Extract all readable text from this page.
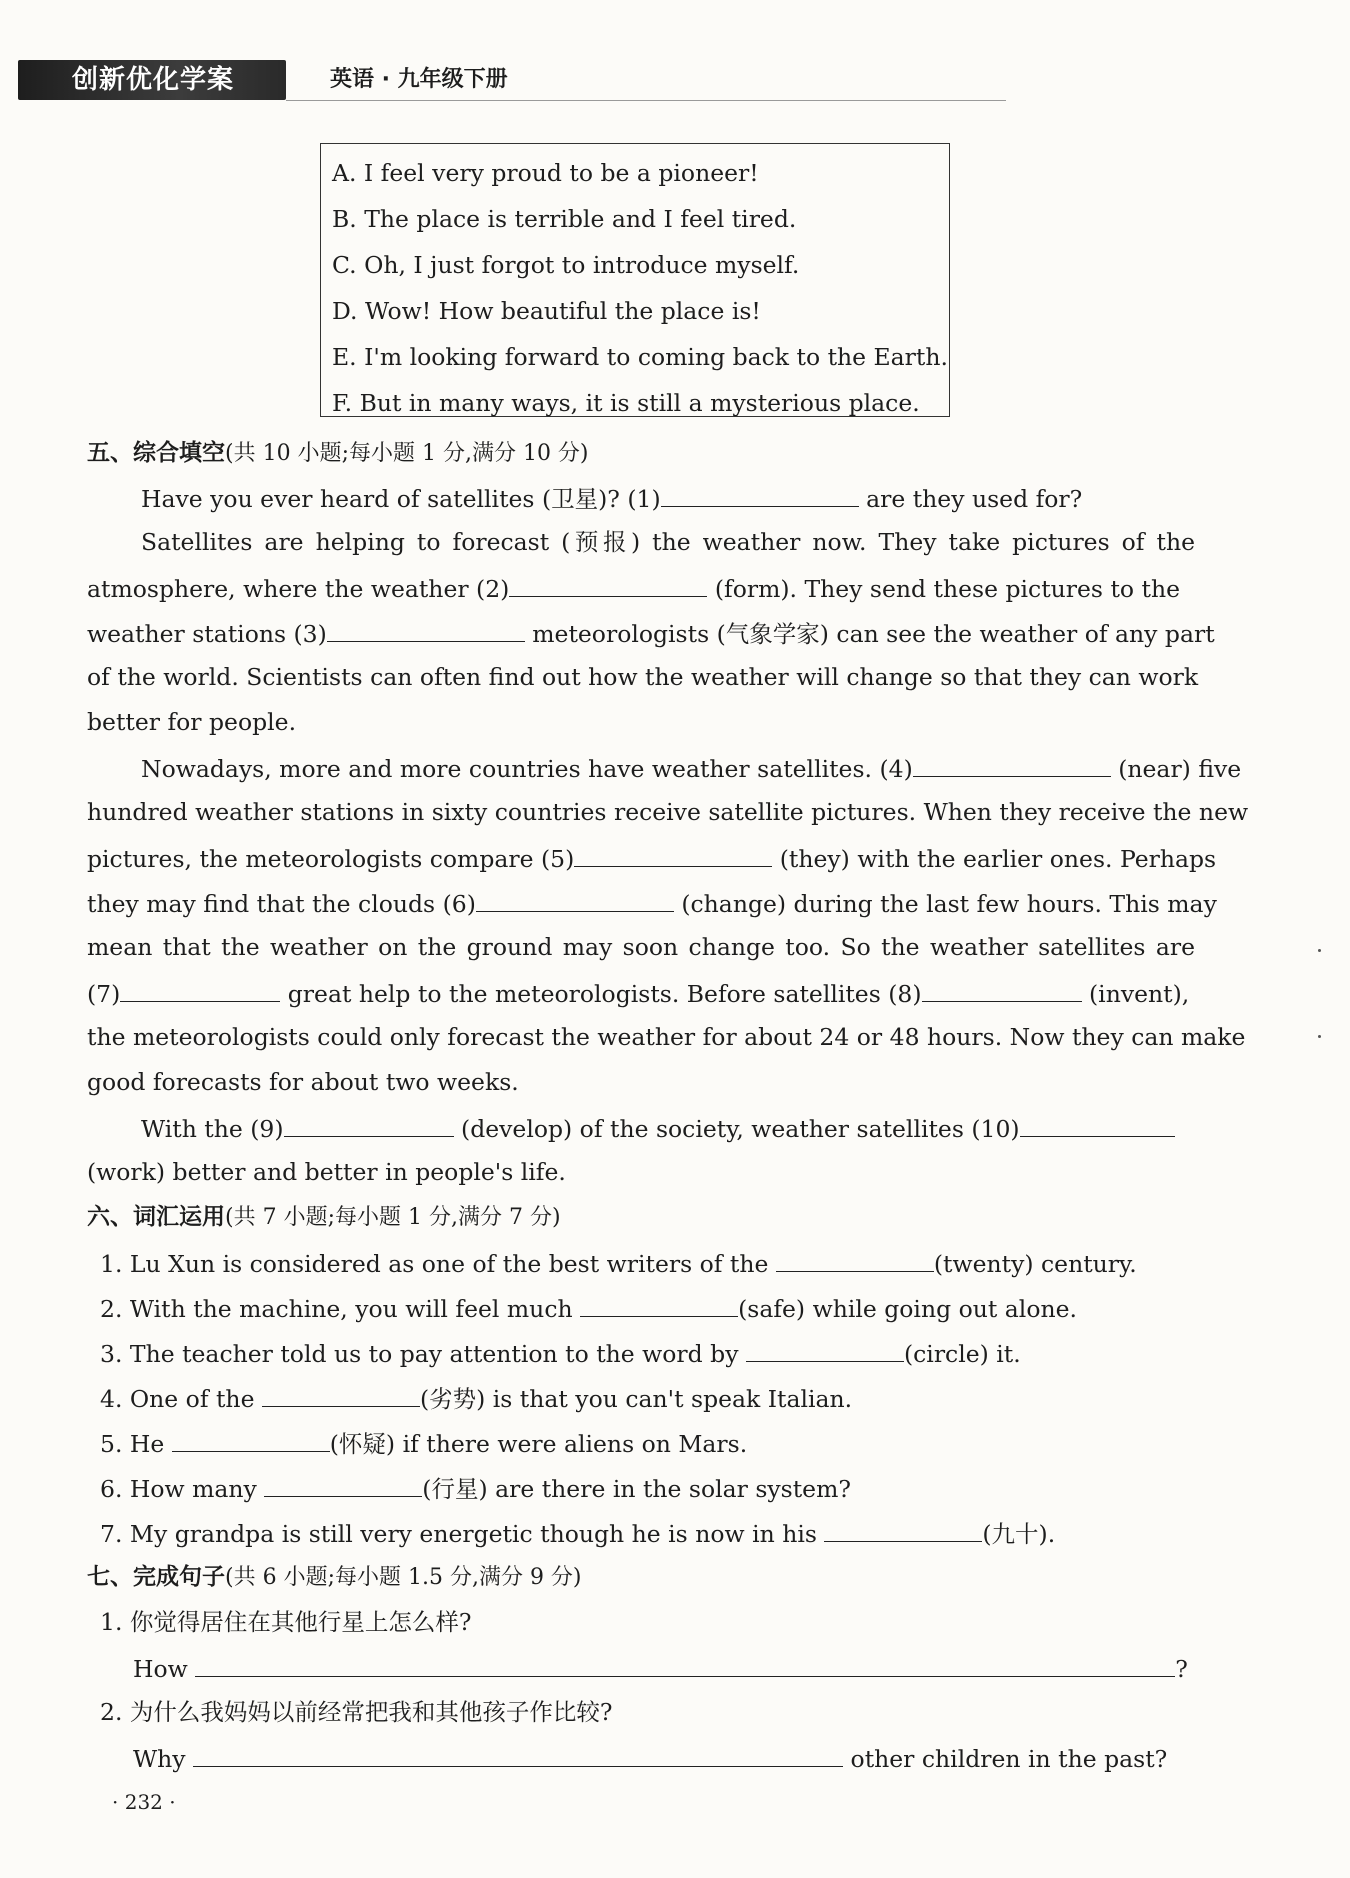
创新优化学案	英语 · 九年级下册
A. I feel very proud to be a pioneer!
B. The place is terrible and I feel tired.
C. Oh, I just forgot to introduce myself.
D. Wow! How beautiful the place is!
E. I'm looking forward to coming back to the Earth.
F. But in many ways, it is still a mysterious place.
五、综合填空(共 10 小题;每小题 1 分,满分 10 分)
Have you ever heard of satellites (卫星)? (1)	are they used for?
Satellites are helping to forecast (预报) the weather now. They take pictures of the
atmosphere, where the weather (2)	(form). They send these pictures to the
weather stations (3)	meteorologists (气象学家) can see the weather of any part
of the world. Scientists can often find out how the weather will change so that they can work
better for people.
Nowadays, more and more countries have weather satellites. (4)	(near) five
hundred weather stations in sixty countries receive satellite pictures. When they receive the new
pictures, the meteorologists compare (5)	(they) with the earlier ones. Perhaps
they may find that the clouds (6)	(change) during the last few hours. This may
mean that the weather on the ground may soon change too. So the weather satellites are
(7)	great help to the meteorologists. Before satellites (8)	(invent),
the meteorologists could only forecast the weather for about 24 or 48 hours. Now they can make
good forecasts for about two weeks.
With the (9)	(develop) of the society, weather satellites (10)
(work) better and better in people's life.
六、词汇运用(共 7 小题;每小题 1 分,满分 7 分)
1. Lu Xun is considered as one of the best writers of the	(twenty) century.
2. With the machine, you will feel much	(safe) while going out alone.
3. The teacher told us to pay attention to the word by	(circle) it.
4. One of the	(劣势) is that you can't speak Italian.
5. He	(怀疑) if there were aliens on Mars.
6. How many	(行星) are there in the solar system?
7. My grandpa is still very energetic though he is now in his	(九十).
七、完成句子(共 6 小题;每小题 1.5 分,满分 9 分)
1. 你觉得居住在其他行星上怎么样?
How	?
2. 为什么我妈妈以前经常把我和其他孩子作比较?
Why	other children in the past?
· 232 ·
